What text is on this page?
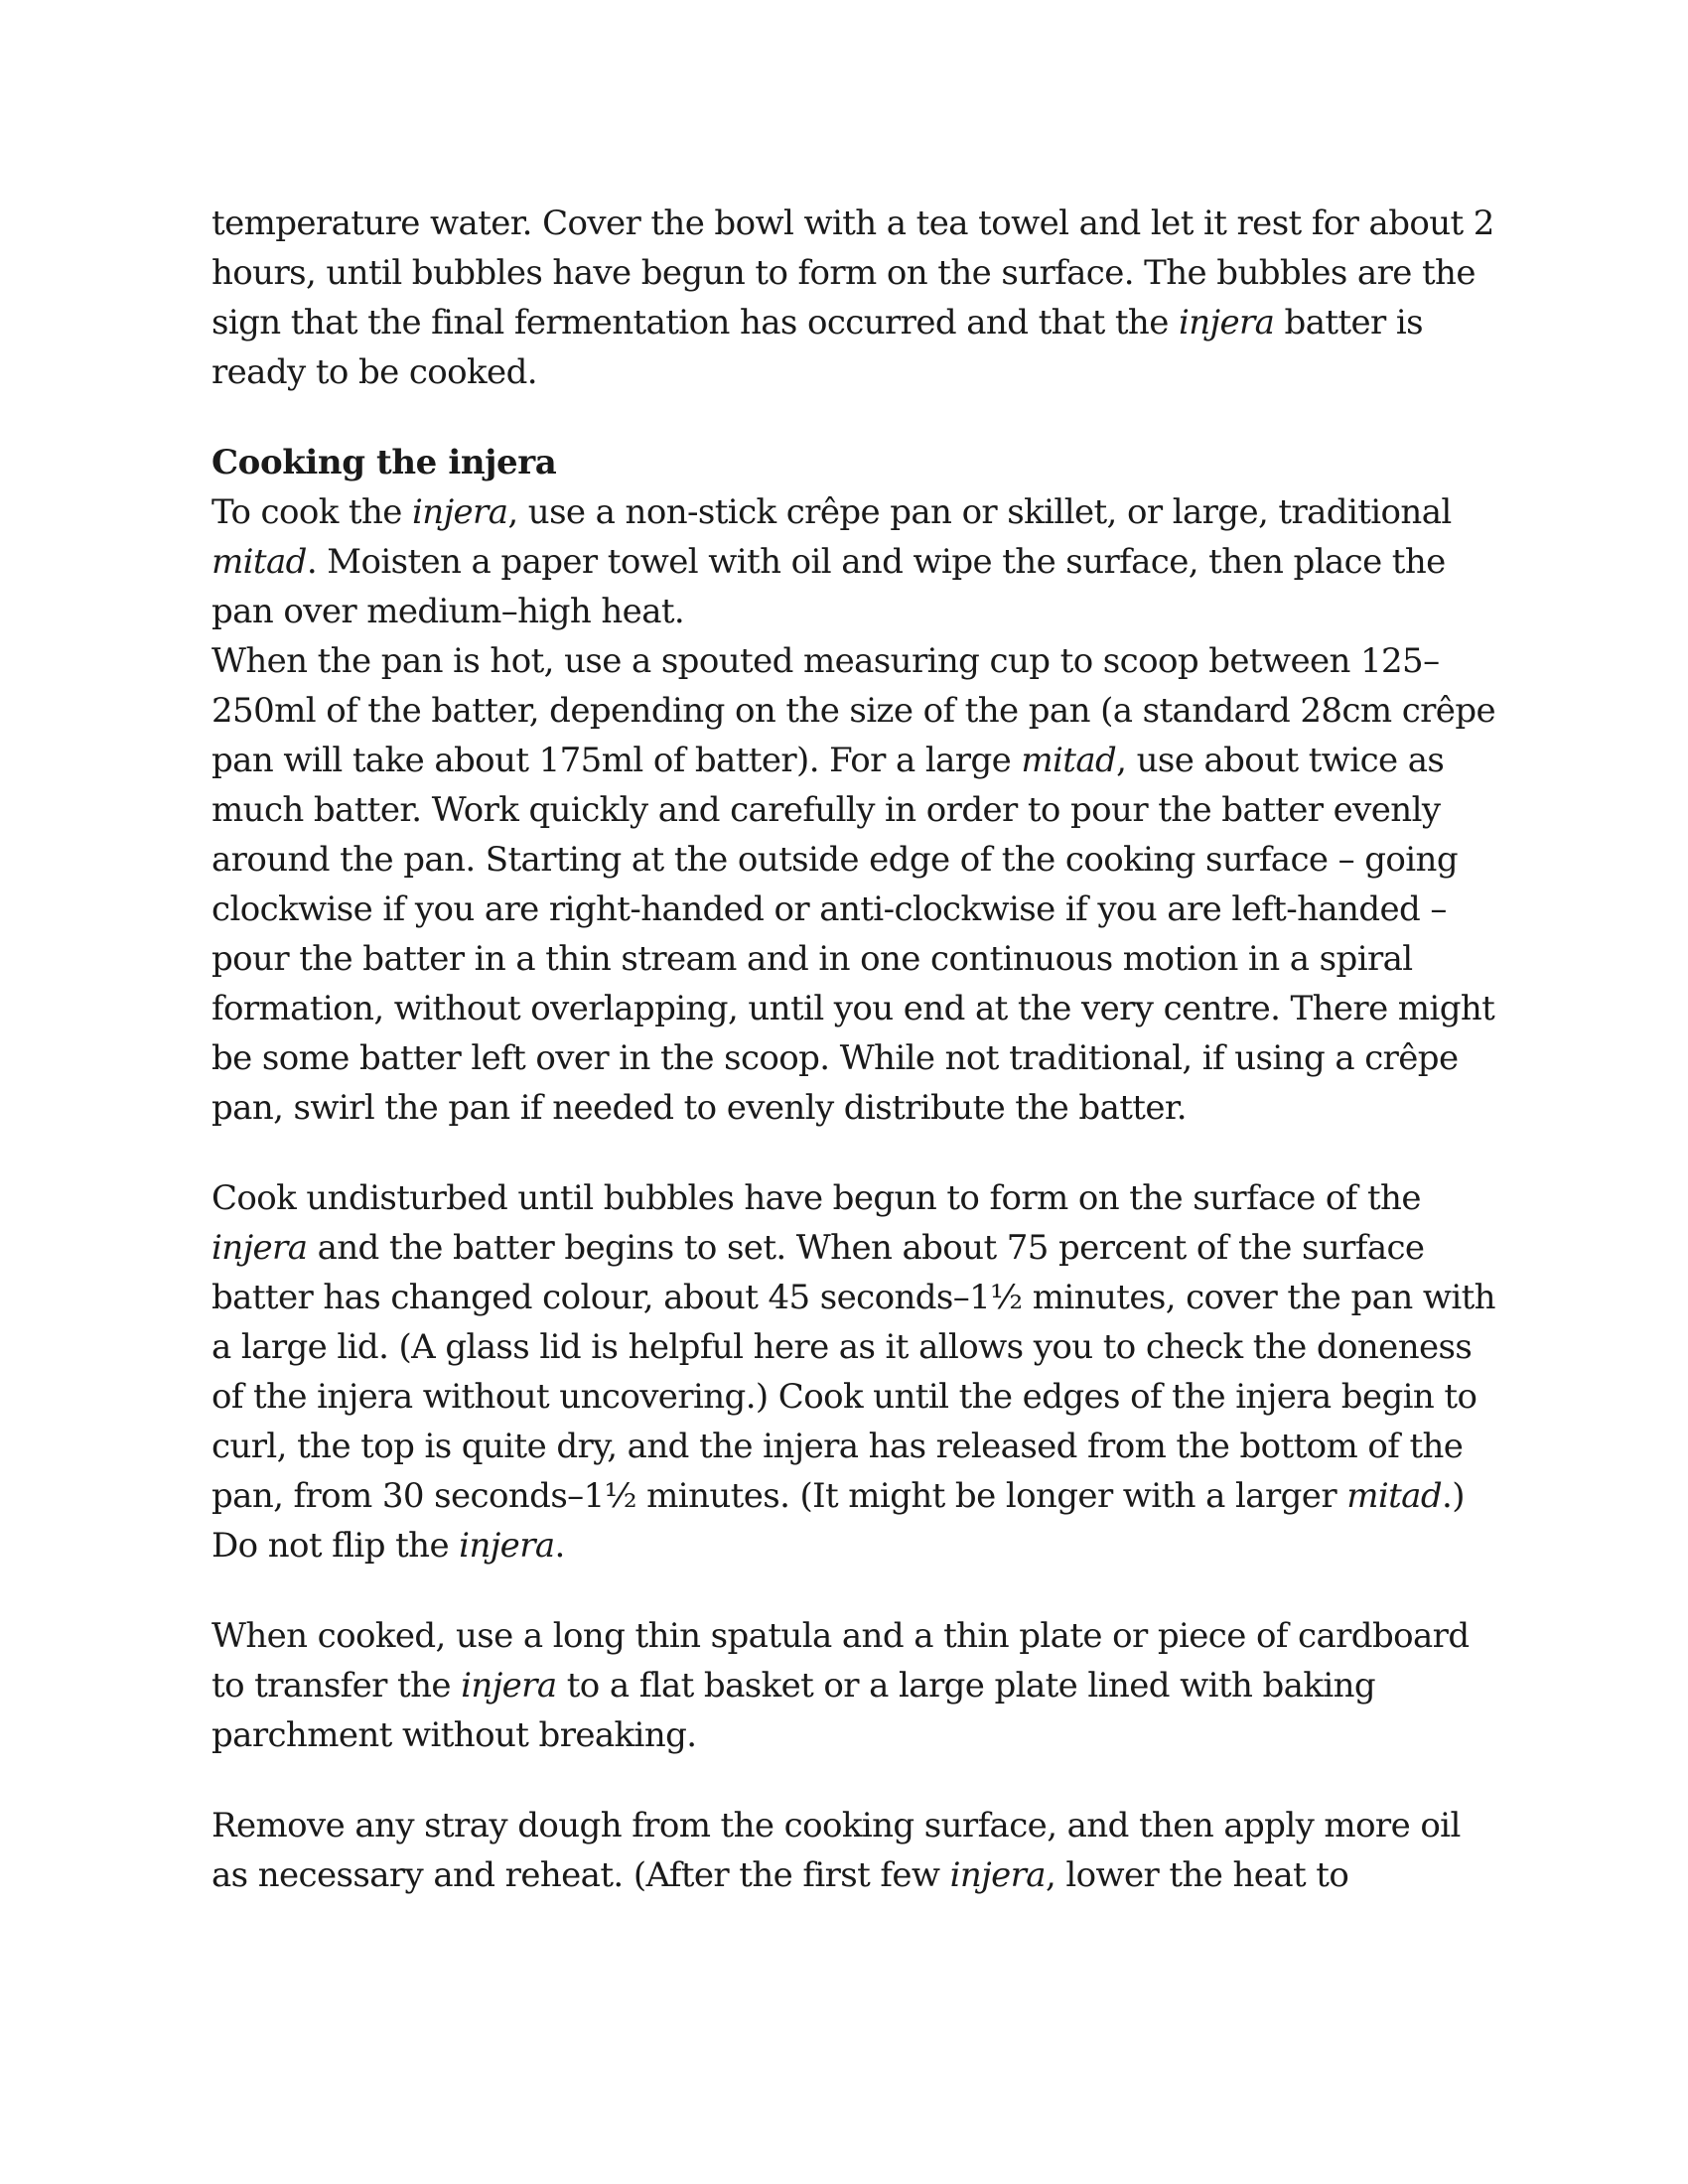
temperature water. Cover the bowl with a tea towel and let it rest for about 2 hours, until bubbles have begun to form on the surface. The bubbles are the sign that the final fermentation has occurred and that the injera batter is ready to be cooked.

Cooking the injera

To cook the injera, use a non-stick crêpe pan or skillet, or large, traditional mitad. Moisten a paper towel with oil and wipe the surface, then place the pan over medium–high heat.

When the pan is hot, use a spouted measuring cup to scoop between 125–250ml of the batter, depending on the size of the pan (a standard 28cm crêpe pan will take about 175ml of batter). For a large mitad, use about twice as much batter. Work quickly and carefully in order to pour the batter evenly around the pan. Starting at the outside edge of the cooking surface – going clockwise if you are right-handed or anti-clockwise if you are left-handed – pour the batter in a thin stream and in one continuous motion in a spiral formation, without overlapping, until you end at the very centre. There might be some batter left over in the scoop. While not traditional, if using a crêpe pan, swirl the pan if needed to evenly distribute the batter.

Cook undisturbed until bubbles have begun to form on the surface of the injera and the batter begins to set. When about 75 percent of the surface batter has changed colour, about 45 seconds–1½ minutes, cover the pan with a large lid. (A glass lid is helpful here as it allows you to check the doneness of the injera without uncovering.) Cook until the edges of the injera begin to curl, the top is quite dry, and the injera has released from the bottom of the pan, from 30 seconds–1½ minutes. (It might be longer with a larger mitad.) Do not flip the injera.

When cooked, use a long thin spatula and a thin plate or piece of cardboard to transfer the injera to a flat basket or a large plate lined with baking parchment without breaking.

Remove any stray dough from the cooking surface, and then apply more oil as necessary and reheat. (After the first few injera, lower the heat to
